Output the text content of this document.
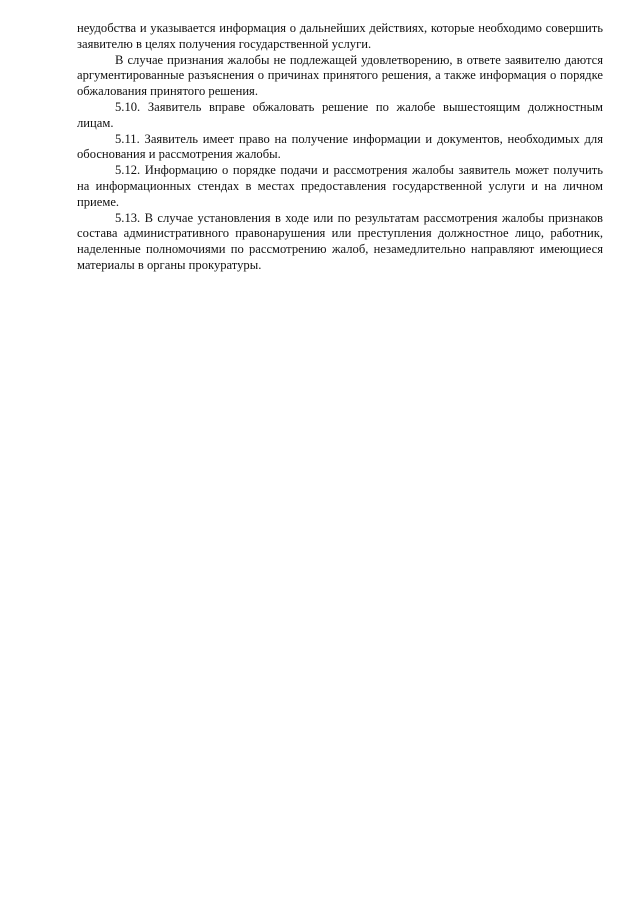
неудобства и указывается информация о дальнейших действиях, которые необходимо совершить заявителю в целях получения государственной услуги.

В случае признания жалобы не подлежащей удовлетворению, в ответе заявителю даются аргументированные разъяснения о причинах принятого решения, а также информация о порядке обжалования принятого решения.

5.10. Заявитель вправе обжаловать решение по жалобе вышестоящим должностным лицам.

5.11. Заявитель имеет право на получение информации и документов, необходимых для обоснования и рассмотрения жалобы.

5.12. Информацию о порядке подачи и рассмотрения жалобы заявитель может получить на информационных стендах в местах предоставления государственной услуги и на личном приеме.

5.13. В случае установления в ходе или по результатам рассмотрения жалобы признаков состава административного правонарушения или преступления должностное лицо, работник, наделенные полномочиями по рассмотрению жалоб, незамедлительно направляют имеющиеся материалы в органы прокуратуры.
